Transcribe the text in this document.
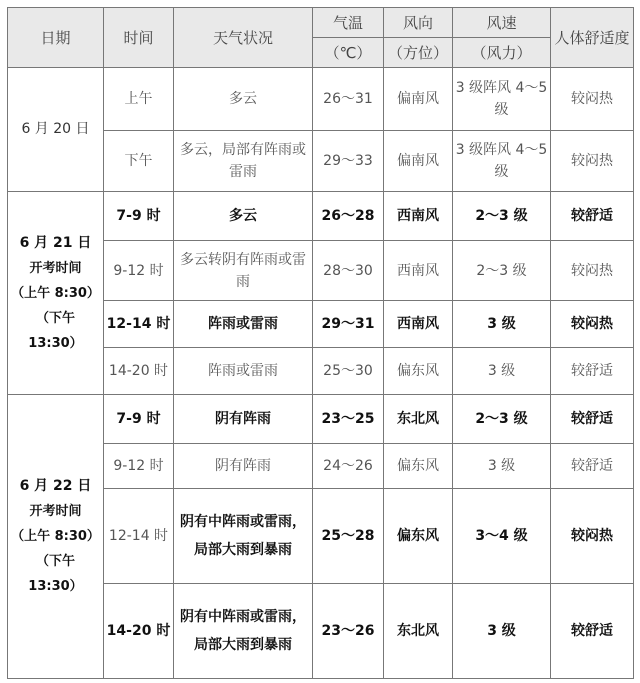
日期	时间	天气状况	气温	风向	风速	人体舒适度
			（℃）	（方位）	（风力）	

6 月 20 日	上午	多云	26～31	偏南风	3 级阵风 4～5 级	较闷热
	下午	多云，局部有阵雨或雷雨	29～33	偏南风	3 级阵风 4～5 级	较闷热

6 月 21 日
开考时间
（上午 8:30）
（下午 13:30）	7-9 时	多云	26～28	西南风	2～3 级	较舒适
	9-12 时	多云转阴有阵雨或雷雨	28～30	西南风	2～3 级	较闷热
	12-14 时	阵雨或雷雨	29～31	西南风	3 级	较闷热
	14-20 时	阵雨或雷雨	25～30	偏东风	3 级	较舒适

6 月 22 日
开考时间
（上午 8:30）
（下午 13:30）	7-9 时	阴有阵雨	23～25	东北风	2～3 级	较舒适
	9-12 时	阴有阵雨	24～26	偏东风	3 级	较舒适
	12-14 时	阴有中阵雨或雷雨，局部大雨到暴雨	25～28	偏东风	3～4 级	较闷热
	14-20 时	阴有中阵雨或雷雨，局部大雨到暴雨	23～26	东北风	3 级	较舒适
